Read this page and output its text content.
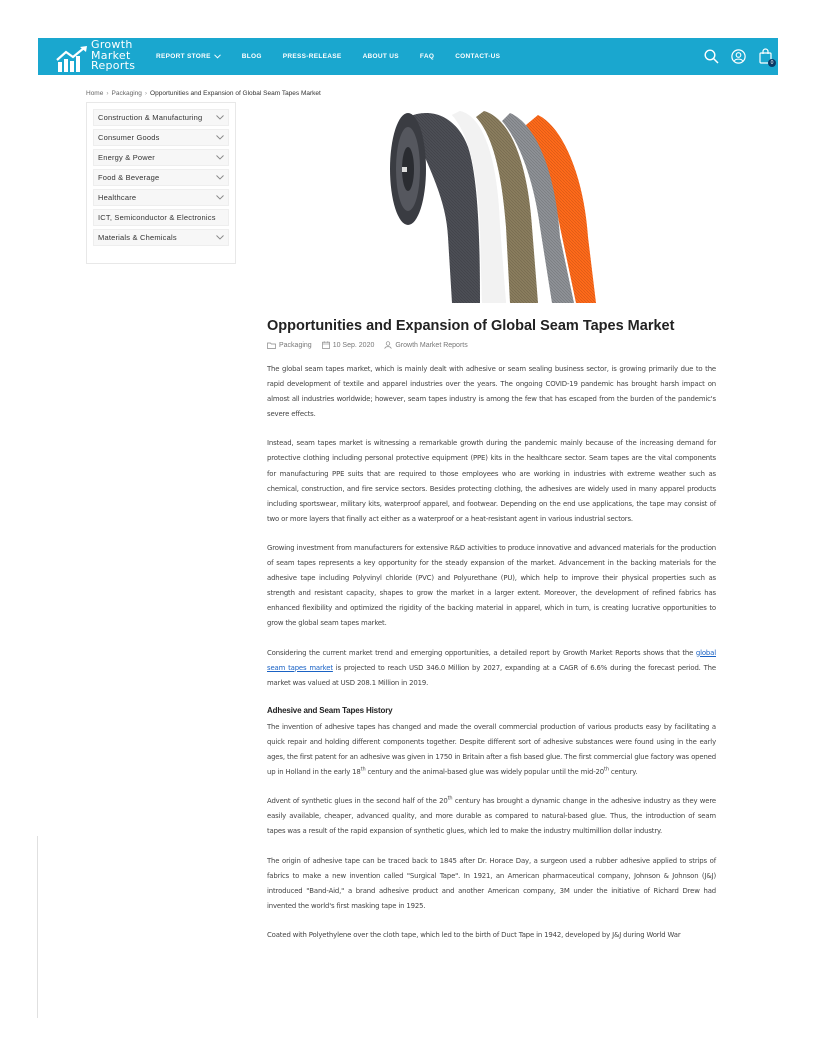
Growth
Market
Reports
REPORT STORE	BLOG	PRESS-RELEASE	ABOUT US	FAQ	CONTACT-US
0
Home › Packaging › Opportunities and Expansion of Global Seam Tapes Market
Construction & Manufacturing
Consumer Goods
Energy & Power
Food & Beverage
Healthcare
ICT, Semiconductor & Electronics
Materials & Chemicals
Opportunities and Expansion of Global Seam Tapes Market
Packaging	10 Sep. 2020	Growth Market Reports

The global seam tapes market, which is mainly dealt with adhesive or seam sealing business sector, is growing primarily due to the rapid development of textile and apparel industries over the years. The ongoing COVID-19 pandemic has brought harsh impact on almost all industries worldwide; however, seam tapes industry is among the few that has escaped from the burden of the pandemic's severe effects.

Instead, seam tapes market is witnessing a remarkable growth during the pandemic mainly because of the increasing demand for protective clothing including personal protective equipment (PPE) kits in the healthcare sector. Seam tapes are the vital components for manufacturing PPE suits that are required to those employees who are working in industries with extreme weather such as chemical, construction, and fire service sectors. Besides protecting clothing, the adhesives are widely used in many apparel products including sportswear, military kits, waterproof apparel, and footwear. Depending on the end use applications, the tape may consist of two or more layers that finally act either as a waterproof or a heat-resistant agent in various industrial sectors.

Growing investment from manufacturers for extensive R&D activities to produce innovative and advanced materials for the production of seam tapes represents a key opportunity for the steady expansion of the market. Advancement in the backing materials for the adhesive tape including Polyvinyl chloride (PVC) and Polyurethane (PU), which help to improve their physical properties such as strength and resistant capacity, shapes to grow the market in a larger extent. Moreover, the development of refined fabrics has enhanced flexibility and optimized the rigidity of the backing material in apparel, which in turn, is creating lucrative opportunities to grow the global seam tapes market.

Considering the current market trend and emerging opportunities, a detailed report by Growth Market Reports shows that the global seam tapes market is projected to reach USD 346.0 Million by 2027, expanding at a CAGR of 6.6% during the forecast period. The market was valued at USD 208.1 Million in 2019.

Adhesive and Seam Tapes History

The invention of adhesive tapes has changed and made the overall commercial production of various products easy by facilitating a quick repair and holding different components together. Despite different sort of adhesive substances were found using in the early ages, the first patent for an adhesive was given in 1750 in Britain after a fish based glue. The first commercial glue factory was opened up in Holland in the early 18th century and the animal-based glue was widely popular until the mid-20th century.

Advent of synthetic glues in the second half of the 20th century has brought a dynamic change in the adhesive industry as they were easily available, cheaper, advanced quality, and more durable as compared to natural-based glue. Thus, the introduction of seam tapes was a result of the rapid expansion of synthetic glues, which led to make the industry multimillion dollar industry.

The origin of adhesive tape can be traced back to 1845 after Dr. Horace Day, a surgeon used a rubber adhesive applied to strips of fabrics to make a new invention called "Surgical Tape". In 1921, an American pharmaceutical company, Johnson & Johnson (J&J) introduced "Band-Aid," a brand adhesive product and another American company, 3M under the initiative of Richard Drew had invented the world's first masking tape in 1925.

Coated with Polyethylene over the cloth tape, which led to the birth of Duct Tape in 1942, developed by J&J during World War
